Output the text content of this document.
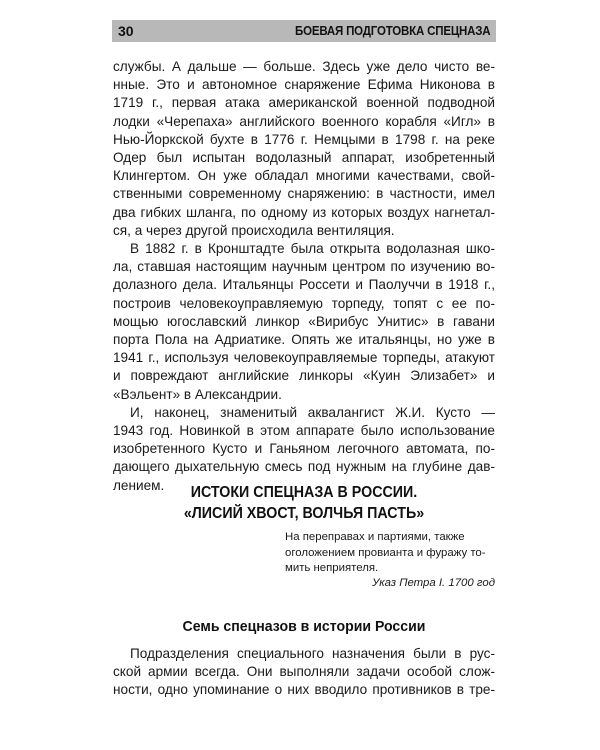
30	БОЕВАЯ ПОДГОТОВКА СПЕЦНАЗА
службы. А дальше — больше. Здесь уже дело чисто ве-
нные. Это и автономное снаряжение Ефима Никонова в
1719 г., первая атака американской военной подводной
лодки «Черепаха» английского военного корабля «Игл» в
Нью-Йоркской бухте в 1776 г. Немцыми в 1798 г. на реке
Одер был испытан водолазный аппарат, изобретенный
Клингертом. Он уже обладал многими качествами, свой-
ственными современному снаряжению: в частности, имел
два гибких шланга, по одному из которых воздух нагнетал-
ся, а через другой происходила вентиляция.
В 1882 г. в Кронштадте была открыта водолазная шко-
ла, ставшая настоящим научным центром по изучению во-
долазного дела. Итальянцы Россети и Паолуччи в 1918 г.,
построив человекоуправляемую торпеду, топят с ее по-
мощью югославский линкор «Вирибус Унитис» в гавани
порта Пола на Адриатике. Опять же итальянцы, но уже в
1941 г., используя человекоуправляемые торпеды, атакуют
и повреждают английские линкоры «Куин Элизабет» и
«Вэльент» в Александрии.
И, наконец, знаменитый аквалангист Ж.И. Кусто —
1943 год. Новинкой в этом аппарате было использование
изобретенного Кусто и Ганьяном легочного автомата, по-
дающего дыхательную смесь под нужным на глубине дав-
лением.	ИСТОКИ СПЕЦНАЗА В РОССИИ.
«ЛИСИЙ ХВОСТ, ВОЛЧЬЯ ПАСТЬ»
На переправах и партиями, также
оголожением провианта и фуражу то-
мить неприятеля.
Указ Петра I. 1700 год
Семь спецназов в истории России
Подразделения специального назначения были в рус-
ской армии всегда. Они выполняли задачи особой слож-
ности, одно упоминание о них вводило противников в тре-
